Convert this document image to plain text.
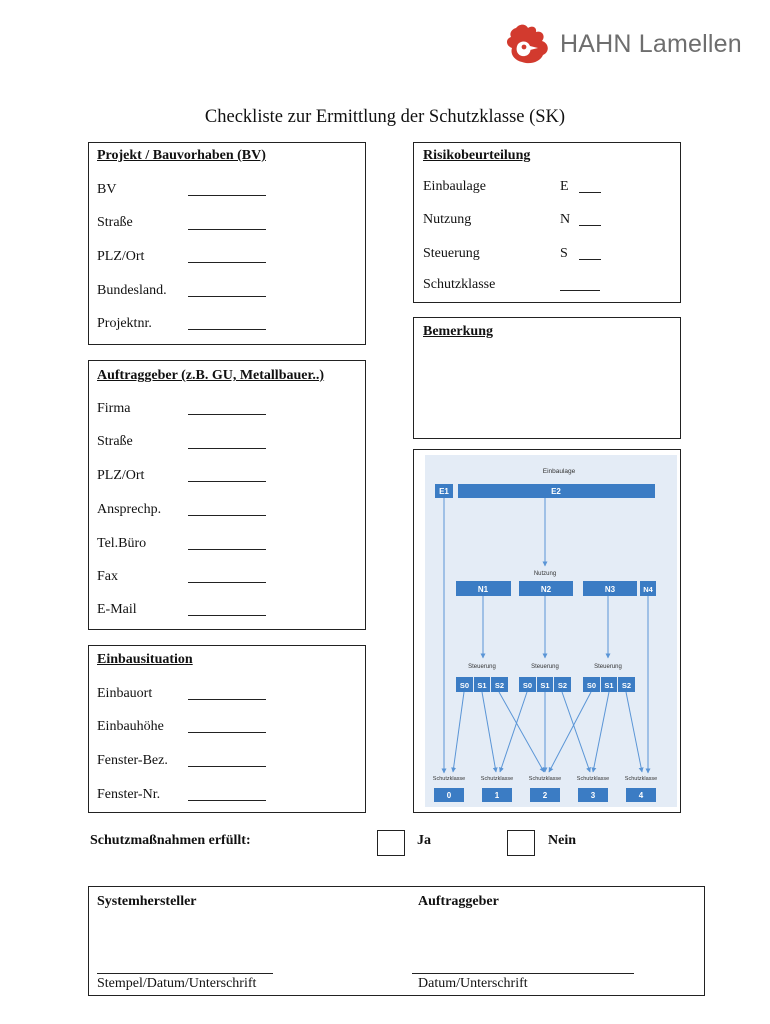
HAHN Lamellen
Checkliste zur Ermittlung der Schutzklasse (SK)
Projekt / Bauvorhaben (BV)
BV
Straße
PLZ/Ort
Bundesland.
Projektnr.
Auftraggeber (z.B. GU, Metallbauer..)
Firma
Straße
PLZ/Ort
Ansprechp.
Tel.Büro
Fax
E-Mail
Einbausituation
Einbauort
Einbauhöhe
Fenster-Bez.
Fenster-Nr.
Risikobeurteilung
Einbaulage	E
Nutzung	N
Steuerung	S
Schutzklasse
Bemerkung
Einbaulage
E1	E2
Nutzung
N1	N2	N3	N4
Steuerung	Steuerung	Steuerung
S0 S1 S2	S0 S1 S2	S0 S1 S2
Schutzklasse	Schutzklasse	Schutzklasse	Schutzklasse	Schutzklasse
0	1	2	3	4
Schutzmaßnahmen erfüllt:	Ja	Nein
Systemhersteller	Auftraggeber
Stempel/Datum/Unterschrift	Datum/Unterschrift
